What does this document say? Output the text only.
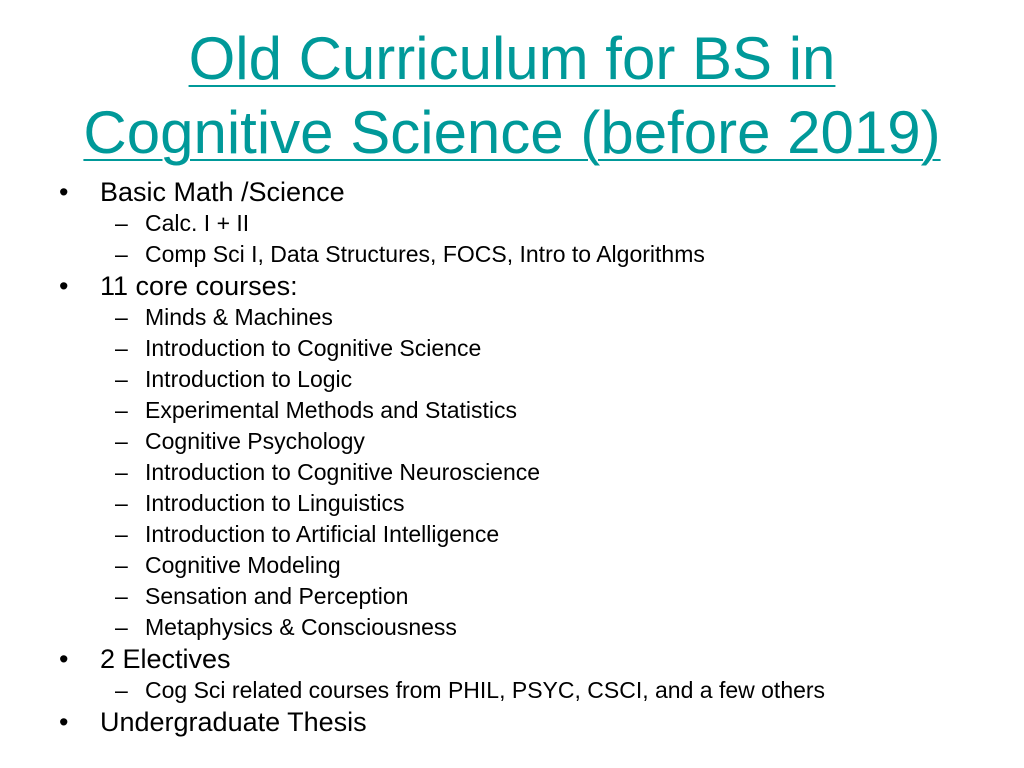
Old Curriculum for BS in
Cognitive Science (before 2019)
• Basic Math /Science
– Calc. I + II
– Comp Sci I, Data Structures, FOCS, Intro to Algorithms
• 11 core courses:
– Minds & Machines
– Introduction to Cognitive Science
– Introduction to Logic
– Experimental Methods and Statistics
– Cognitive Psychology
– Introduction to Cognitive Neuroscience
– Introduction to Linguistics
– Introduction to Artificial Intelligence
– Cognitive Modeling
– Sensation and Perception
– Metaphysics & Consciousness
• 2 Electives
– Cog Sci related courses from PHIL, PSYC, CSCI, and a few others
• Undergraduate Thesis
